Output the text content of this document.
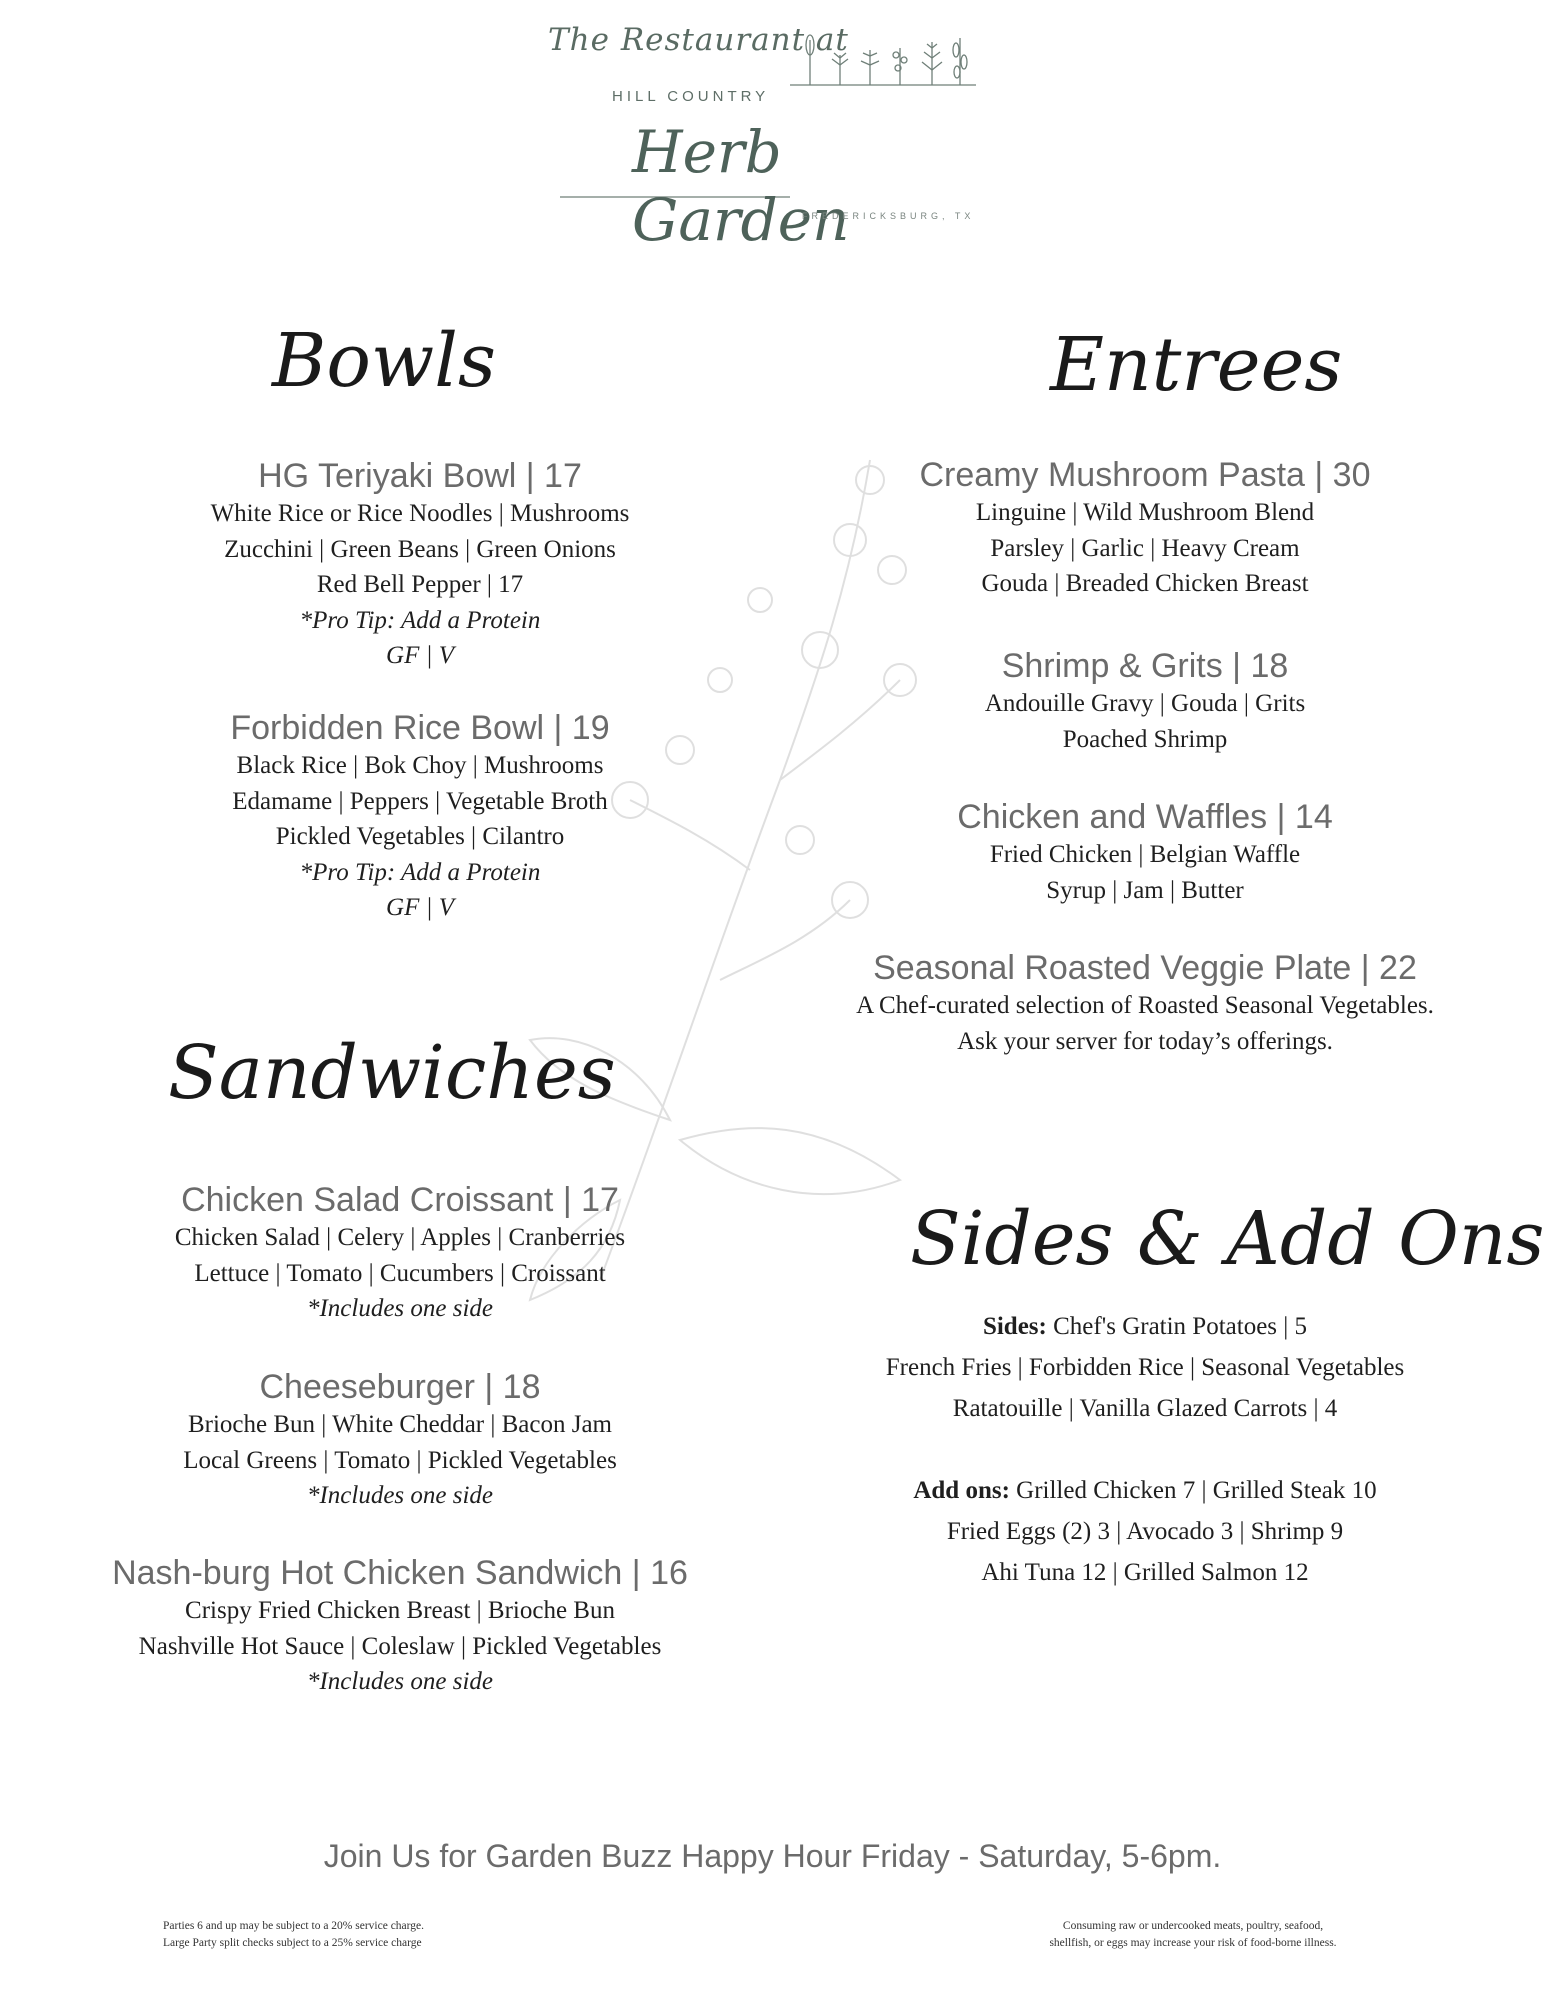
The Restaurant at
HILL COUNTRY
Herb Garden
FREDERICKSBURG, TX
Bowls
HG Teriyaki Bowl | 17
White Rice or Rice Noodles | Mushrooms
Zucchini | Green Beans | Green Onions
Red Bell Pepper | 17
*Pro Tip: Add a Protein
GF | V
Forbidden Rice Bowl | 19
Black Rice | Bok Choy | Mushrooms
Edamame | Peppers | Vegetable Broth
Pickled Vegetables | Cilantro
*Pro Tip: Add a Protein
GF | V
Sandwiches
Chicken Salad Croissant | 17
Chicken Salad | Celery | Apples | Cranberries
Lettuce | Tomato | Cucumbers | Croissant
*Includes one side
Cheeseburger | 18
Brioche Bun | White Cheddar | Bacon Jam
Local Greens | Tomato | Pickled Vegetables
*Includes one side
Nash-burg Hot Chicken Sandwich | 16
Crispy Fried Chicken Breast | Brioche Bun
Nashville Hot Sauce | Coleslaw | Pickled Vegetables
*Includes one side
Entrees
Creamy Mushroom Pasta | 30
Linguine | Wild Mushroom Blend
Parsley | Garlic | Heavy Cream
Gouda | Breaded Chicken Breast
Shrimp & Grits | 18
Andouille Gravy | Gouda | Grits
Poached Shrimp
Chicken and Waffles | 14
Fried Chicken | Belgian Waffle
Syrup | Jam | Butter
Seasonal Roasted Veggie Plate | 22
A Chef-curated selection of Roasted Seasonal Vegetables.
Ask your server for today’s offerings.
Sides & Add Ons
Sides: Chef's Gratin Potatoes | 5
French Fries | Forbidden Rice | Seasonal Vegetables
Ratatouille | Vanilla Glazed Carrots | 4
Add ons: Grilled Chicken 7 | Grilled Steak 10
Fried Eggs (2) 3 | Avocado 3 | Shrimp 9
Ahi Tuna 12 | Grilled Salmon 12
Join Us for Garden Buzz Happy Hour Friday - Saturday, 5-6pm.
Parties 6 and up may be subject to a 20% service charge.
Large Party split checks subject to a 25% service charge
Consuming raw or undercooked meats, poultry, seafood,
shellfish, or eggs may increase your risk of food-borne illness.
